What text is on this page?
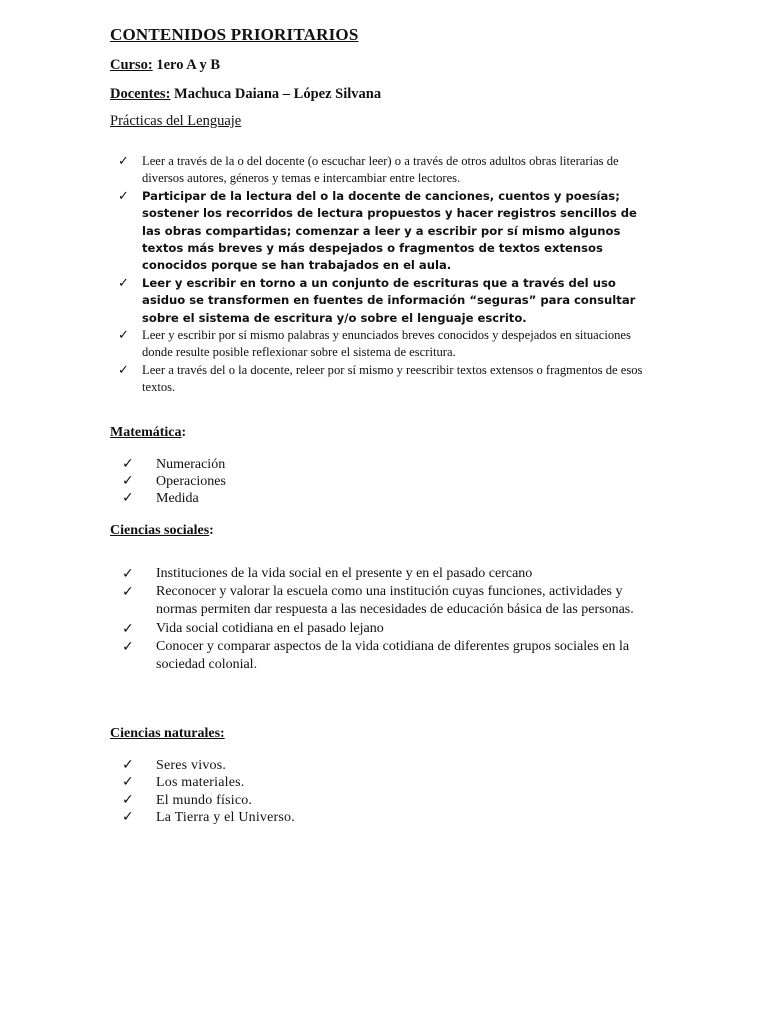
CONTENIDOS PRIORITARIOS
Curso: 1ero A y B
Docentes: Machuca Daiana – López Silvana
Prácticas del Lenguaje
✓ Leer a través de la o del docente (o escuchar leer) o a través de otros adultos obras literarias de diversos autores, géneros y temas e intercambiar entre lectores.
✓ Participar de la lectura del o la docente de canciones, cuentos y poesías; sostener los recorridos de lectura propuestos y hacer registros sencillos de las obras compartidas; comenzar a leer y a escribir por sí mismo algunos textos más breves y más despejados o fragmentos de textos extensos conocidos porque se han trabajados en el aula.
✓ Leer y escribir en torno a un conjunto de escrituras que a través del uso asiduo se transformen en fuentes de información “seguras” para consultar sobre el sistema de escritura y/o sobre el lenguaje escrito.
✓ Leer y escribir por sí mismo palabras y enunciados breves conocidos y despejados en situaciones donde resulte posible reflexionar sobre el sistema de escritura.
✓ Leer a través del o la docente, releer por sí mismo y reescribir textos extensos o fragmentos de esos textos.
Matemática:
✓ Numeración
✓ Operaciones
✓ Medida
Ciencias sociales:
✓ Instituciones de la vida social en el presente y en el pasado cercano
✓ Reconocer y valorar la escuela como una institución cuyas funciones, actividades y normas permiten dar respuesta a las necesidades de educación básica de las personas.
✓ Vida social cotidiana en el pasado lejano
✓ Conocer y comparar aspectos de la vida cotidiana de diferentes grupos sociales en la sociedad colonial.
Ciencias naturales:
✓ Seres vivos.
✓ Los materiales.
✓ El mundo físico.
✓ La Tierra y el Universo.
